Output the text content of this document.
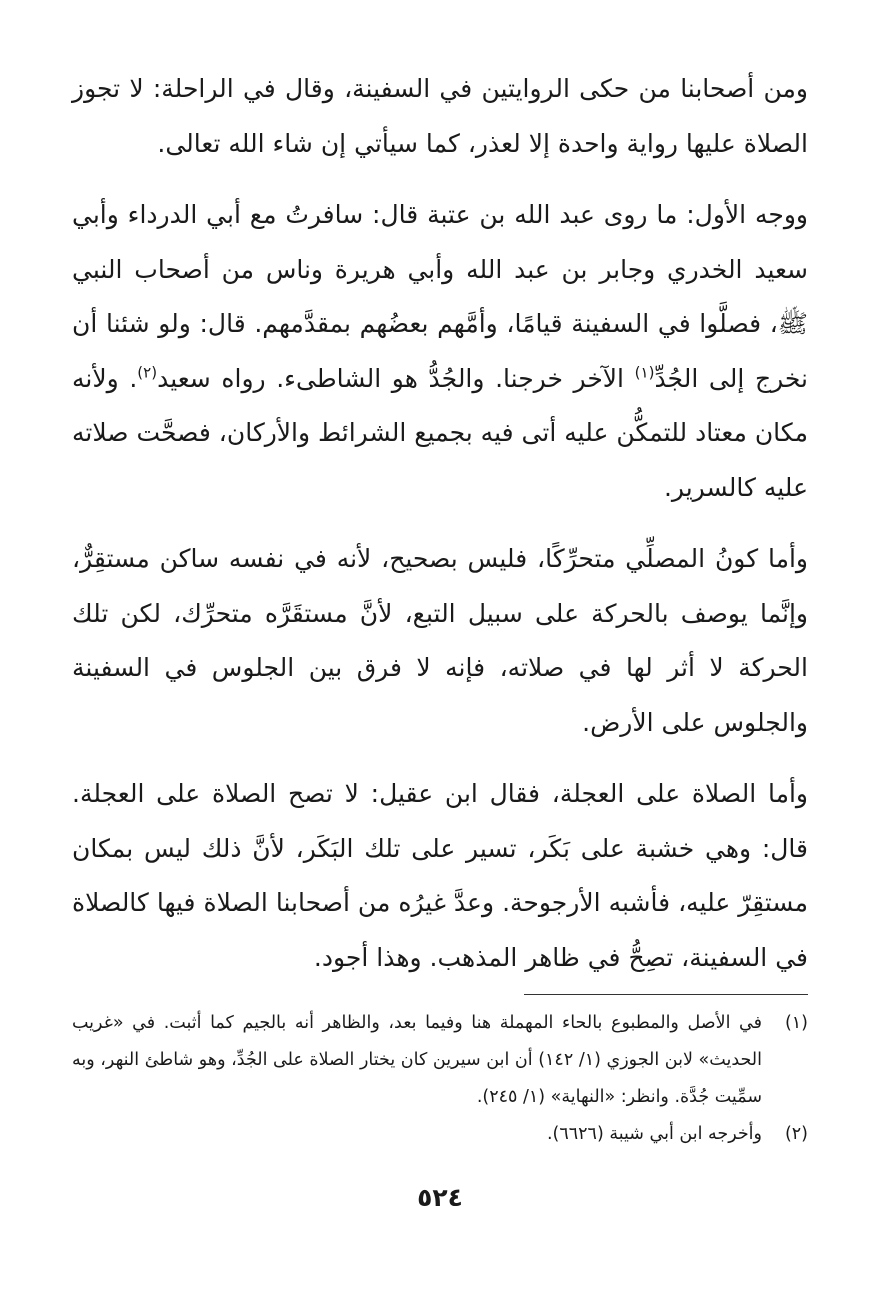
ومن أصحابنا من حكى الروايتين في السفينة، وقال في الراحلة: لا تجوز الصلاة عليها رواية واحدة إلا لعذر، كما سيأتي إن شاء الله تعالى.

ووجه الأول: ما روى عبد الله بن عتبة قال: سافرتُ مع أبي الدرداء وأبي سعيد الخدري وجابر بن عبد الله وأبي هريرة وناس من أصحاب النبي ﷺ، فصلَّوا في السفينة قيامًا، وأمَّهم بعضُهم بمقدَّمهم. قال: ولو شئنا أن نخرج إلى الجُدِّ$^{(١)}$ الآخر خرجنا. والجُدُّ هو الشاطىء. رواه سعيد$^{(٢)}$. ولأنه مكان معتاد للتمكُّن عليه أتى فيه بجميع الشرائط والأركان، فصحَّت صلاته عليه كالسرير.

وأما كونُ المصلِّي متحرِّكًا، فليس بصحيح، لأنه في نفسه ساكن مستقِرٌّ، وإنَّما يوصف بالحركة على سبيل التبع، لأنَّ مستقَرَّه متحرِّك، لكن تلك الحركة لا أثر لها في صلاته، فإنه لا فرق بين الجلوس في السفينة والجلوس على الأرض.

وأما الصلاة على العجلة، فقال ابن عقيل: لا تصح الصلاة على العجلة. قال: وهي خشبة على بَكَر، تسير على تلك البَكَر، لأنَّ ذلك ليس بمكان مستقِرّ عليه، فأشبه الأرجوحة. وعدَّ غيرُه من أصحابنا الصلاة فيها كالصلاة في السفينة، تصِحُّ في ظاهر المذهب. وهذا أجود.

(١)
في الأصل والمطبوع بالحاء المهملة هنا وفيما بعد، والظاهر أنه بالجيم كما أثبت. في «غريب الحديث» لابن الجوزي (١/ ١٤٢) أن ابن سيرين كان يختار الصلاة على الجُدِّ، وهو شاطئ النهر، وبه سمِّيت جُدَّة. وانظر: «النهاية» (١/ ٢٤٥).
(٢)
وأخرجه ابن أبي شيبة (٦٦٢٦).
٥٢٤
